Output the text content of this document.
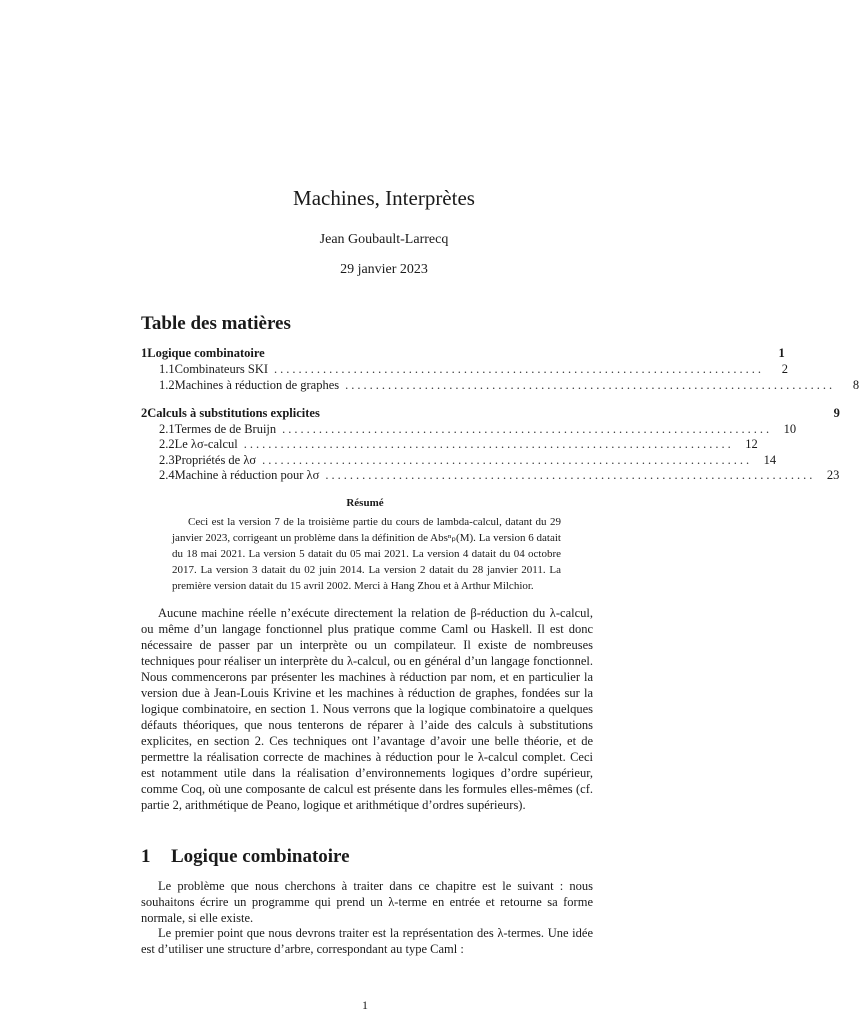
Machines, Interprètes
Jean Goubault-Larrecq
29 janvier 2023
Table des matières
1 Logique combinatoire	1
1.1 Combinateurs SKI ................................................................................	2
1.2 Machines à réduction de graphes ................................................................................	8
2 Calculs à substitutions explicites	9
2.1 Termes de de Bruijn ................................................................................ 10
2.2 Le λσ-calcul ................................................................................ 12
2.3 Propriétés de λσ ................................................................................ 14
2.4 Machine à réduction pour λσ ................................................................................ 23
Résumé
Ceci est la version 7 de la troisième partie du cours de lambda-calcul, datant du 29 janvier 2023, corrigeant un problème dans la définition de Absⁿₚ(M). La version 6 datait du 18 mai 2021. La version 5 datait du 05 mai 2021. La version 4 datait du 04 octobre 2017. La version 3 datait du 02 juin 2014. La version 2 datait du 28 janvier 2011. La première version datait du 15 avril 2002. Merci à Hang Zhou et à Arthur Milchior.
Aucune machine réelle n’exécute directement la relation de β-réduction du λ-calcul, ou même d’un langage fonctionnel plus pratique comme Caml ou Haskell. Il est donc nécessaire de passer par un interprète ou un compilateur. Il existe de nombreuses techniques pour réaliser un interprète du λ-calcul, ou en général d’un langage fonctionnel. Nous commencerons par présenter les machines à réduction par nom, et en particulier la version due à Jean-Louis Krivine et les machines à réduction de graphes, fondées sur la logique combinatoire, en section 1. Nous verrons que la logique combinatoire a quelques défauts théoriques, que nous tenterons de réparer à l’aide des calculs à substitutions explicites, en section 2. Ces techniques ont l’avantage d’avoir une belle théorie, et de permettre la réalisation correcte de machines à réduction pour le λ-calcul complet. Ceci est notamment utile dans la réalisation d’environnements logiques d’ordre supérieur, comme Coq, où une composante de calcul est présente dans les formules elles-mêmes (cf. partie 2, arithmétique de Peano, logique et arithmétique d’ordres supérieurs).
1 Logique combinatoire
Le problème que nous cherchons à traiter dans ce chapitre est le suivant : nous souhaitons écrire un programme qui prend un λ-terme en entrée et retourne sa forme normale, si elle existe.
Le premier point que nous devrons traiter est la représentation des λ-termes. Une idée est d’utiliser une structure d’arbre, correspondant au type Caml :
1
